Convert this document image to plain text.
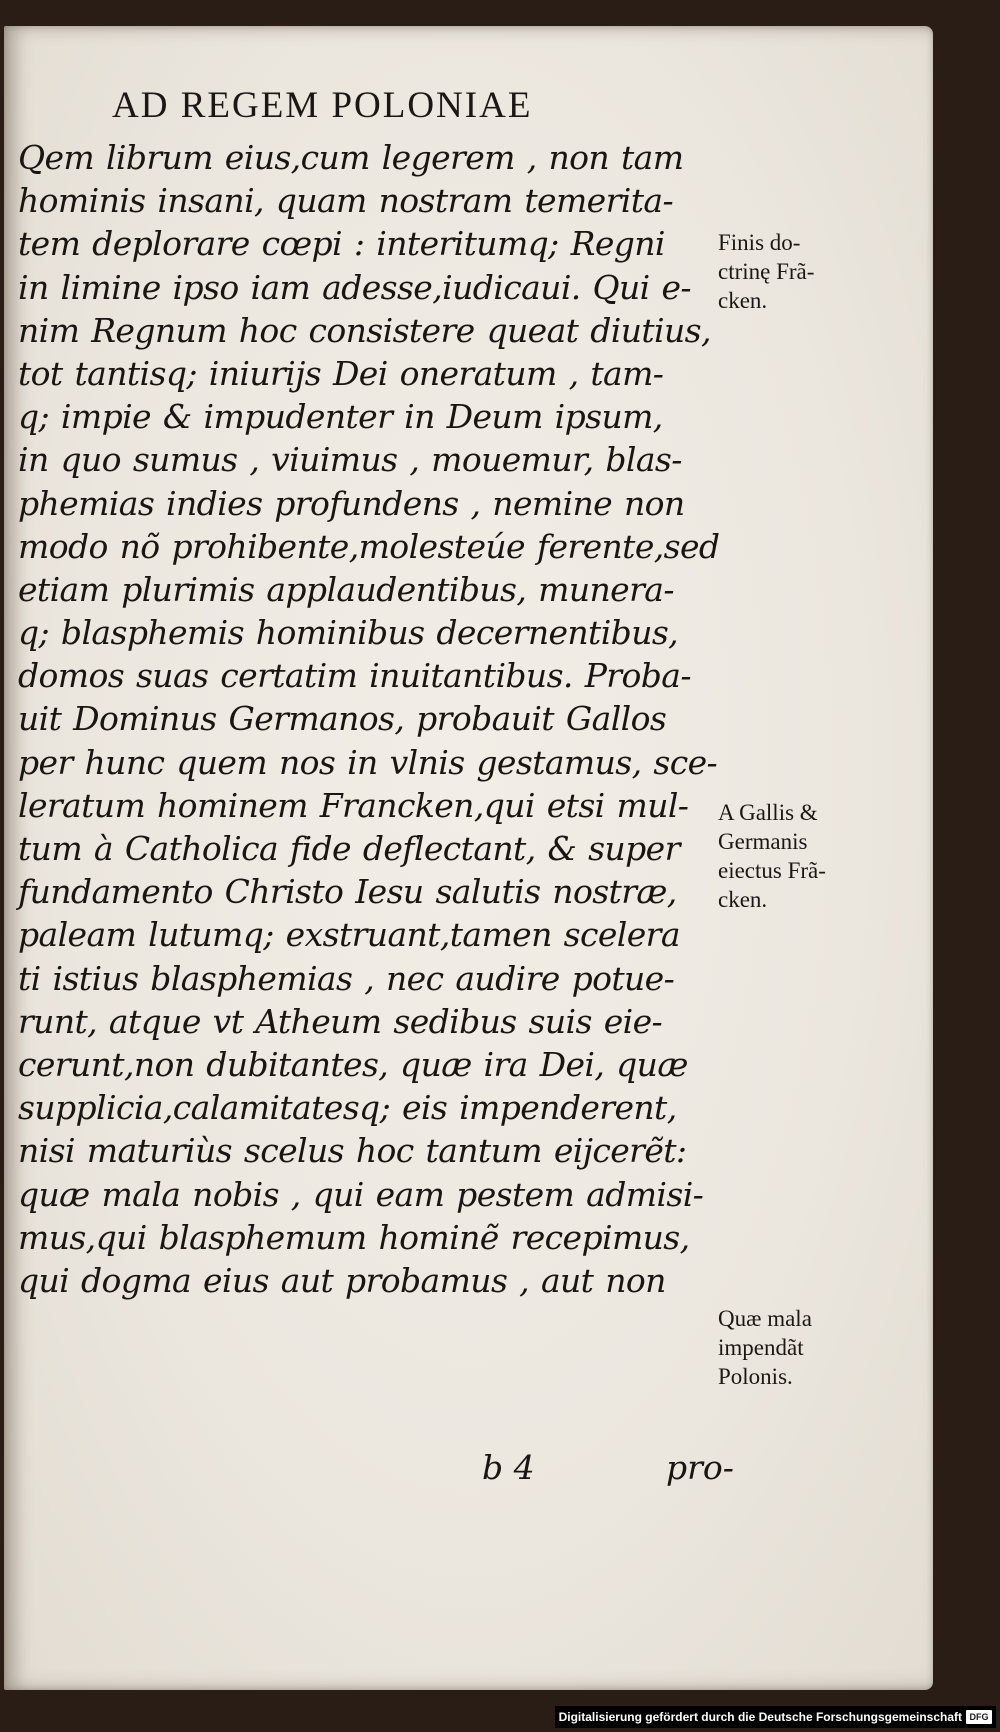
AD REGEM POLONIAE
Qem librum eius,cum legerem , non tam
hominis insani, quam nostram temerita-
tem deplorare cœpi : interitumq; Regni
in limine ipso iam adesse,iudicaui. Qui e-
nim Regnum hoc consistere queat diutius,
tot tantisq; iniurijs Dei oneratum , tam-
q; impie & impudenter in Deum ipsum,
in quo sumus , viuimus , mouemur, blas-
phemias indies profundens , nemine non
modo nõ prohibente,molesteúe ferente,sed
etiam plurimis applaudentibus, munera-
q; blasphemis hominibus decernentibus,
domos suas certatim inuitantibus. Proba-
uit Dominus Germanos, probauit Gallos
per hunc quem nos in vlnis gestamus, sce-
leratum hominem Francken,qui etsi mul-
tum à Catholica fide deflectant, & super
fundamento Christo Iesu salutis nostræ,
paleam lutumq; exstruant,tamen scelera
ti istius blasphemias , nec audire potue-
runt, atque vt Atheum sedibus suis eie-
cerunt,non dubitantes, quæ ira Dei, quæ
supplicia,calamitatesq; eis impenderent,
nisi maturiùs scelus hoc tantum eijcerẽt:
quæ mala nobis , qui eam pestem admisi-
mus,qui blasphemum hominẽ recepimus,
qui dogma eius aut probamus , aut non
b 4	pro-
Finis do-
ctrinę Frã-
cken.
A Gallis &
Germanis
eiectus Frã-
cken.
Quæ mala
impendãt
Polonis.
Digitalisierung gefördert durch die Deutsche Forschungsgemeinschaft DFG
